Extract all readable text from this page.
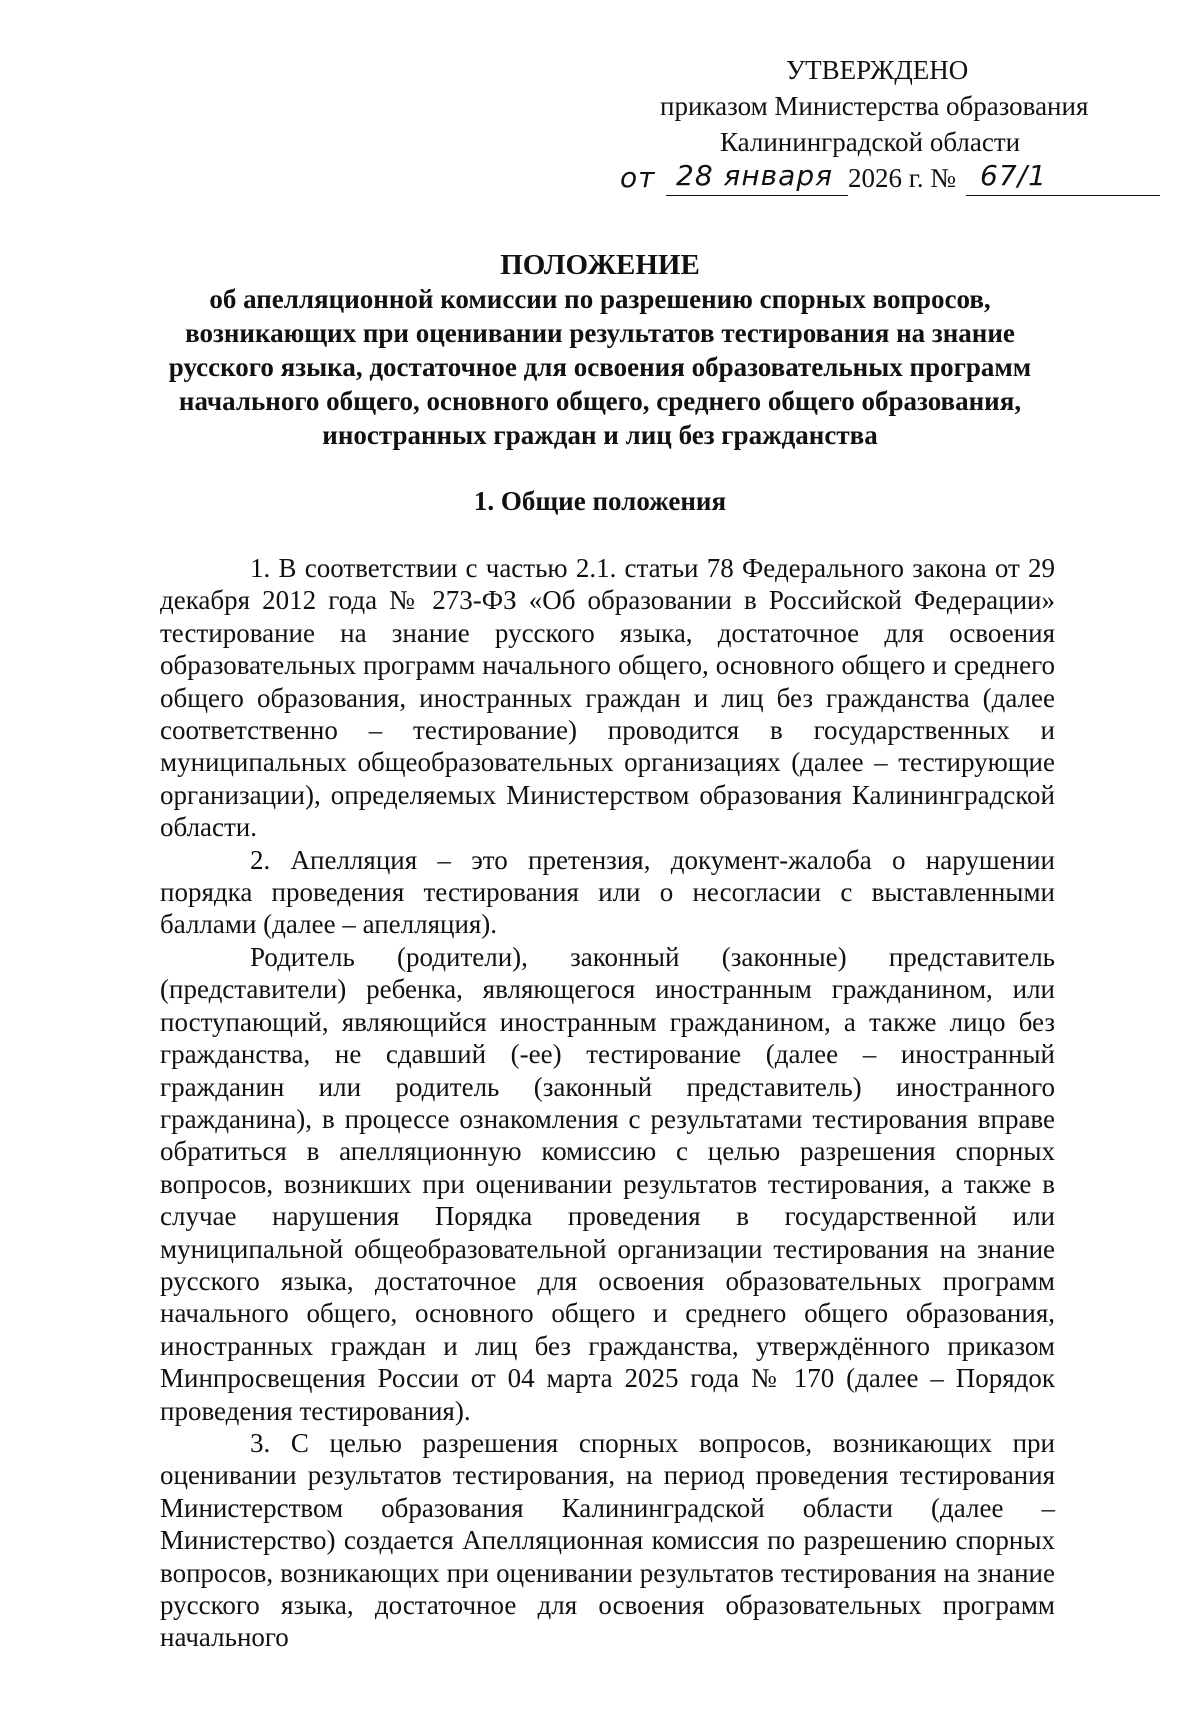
УТВЕРЖДЕНО
приказом Министерства образования
Калининградской области
от 28 января 2026 г. № 67/1
ПОЛОЖЕНИЕ
об апелляционной комиссии по разрешению спорных вопросов,
возникающих при оценивании результатов тестирования на знание
русского языка, достаточное для освоения образовательных программ
начального общего, основного общего, среднего общего образования,
иностранных граждан и лиц без гражданства
1. Общие положения

1. В соответствии с частью 2.1. статьи 78 Федерального закона от 29 декабря 2012 года № 273-ФЗ «Об образовании в Российской Федерации» тестирование на знание русского языка, достаточное для освоения образовательных программ начального общего, основного общего и среднего общего образования, иностранных граждан и лиц без гражданства (далее соответственно – тестирование) проводится в государственных и муниципальных общеобразовательных организациях (далее – тестирующие организации), определяемых Министерством образования Калининградской области.

2. Апелляция – это претензия, документ-жалоба о нарушении порядка проведения тестирования или о несогласии с выставленными баллами (далее – апелляция).

Родитель (родители), законный (законные) представитель (представители) ребенка, являющегося иностранным гражданином, или поступающий, являющийся иностранным гражданином, а также лицо без гражданства, не сдавший (-ее) тестирование (далее – иностранный гражданин или родитель (законный представитель) иностранного гражданина), в процессе ознакомления с результатами тестирования вправе обратиться в апелляционную комиссию с целью разрешения спорных вопросов, возникших при оценивании результатов тестирования, а также в случае нарушения Порядка проведения в государственной или муниципальной общеобразовательной организации тестирования на знание русского языка, достаточное для освоения образовательных программ начального общего, основного общего и среднего общего образования, иностранных граждан и лиц без гражданства, утверждённого приказом Минпросвещения России от 04 марта 2025 года № 170 (далее – Порядок проведения тестирования).

3. С целью разрешения спорных вопросов, возникающих при оценивании результатов тестирования, на период проведения тестирования Министерством образования Калининградской области (далее – Министерство) создается Апелляционная комиссия по разрешению спорных вопросов, возникающих при оценивании результатов тестирования на знание русского языка, достаточное для освоения образовательных программ начального
